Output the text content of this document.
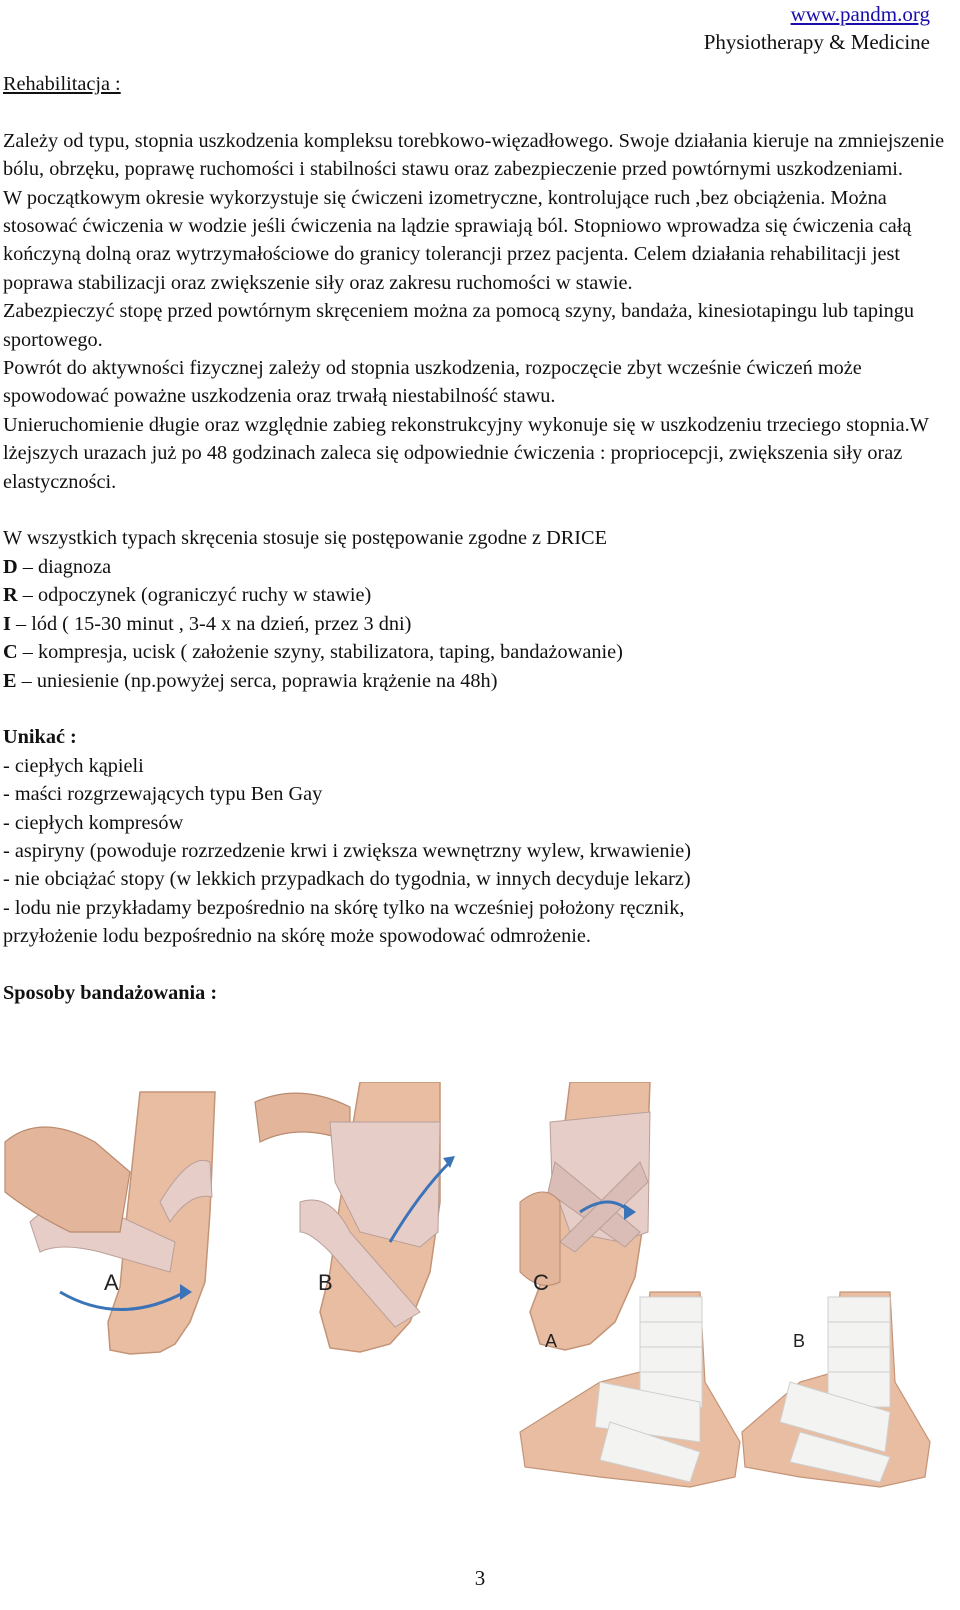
www.pandm.org
Physiotherapy & Medicine

Rehabilitacja :

Zależy od typu, stopnia uszkodzenia kompleksu torebkowo-więzadłowego. Swoje działania kieruje na zmniejszenie bólu, obrzęku, poprawę ruchomości i stabilności stawu oraz zabezpieczenie przed powtórnymi uszkodzeniami.

W początkowym okresie wykorzystuje się ćwiczeni izometryczne, kontrolujące ruch ,bez obciążenia. Można stosować ćwiczenia w wodzie jeśli ćwiczenia na lądzie sprawiają ból. Stopniowo wprowadza się ćwiczenia całą kończyną dolną oraz wytrzymałościowe do granicy tolerancji przez pacjenta. Celem działania rehabilitacji jest poprawa stabilizacji oraz zwiększenie siły oraz zakresu ruchomości w stawie.

Zabezpieczyć stopę przed powtórnym skręceniem można za pomocą szyny, bandaża, kinesiotapingu lub tapingu sportowego.

Powrót do aktywności fizycznej zależy od stopnia uszkodzenia, rozpoczęcie zbyt wcześnie ćwiczeń może spowodować poważne uszkodzenia oraz trwałą niestabilność stawu.

Unieruchomienie długie oraz względnie zabieg rekonstrukcyjny wykonuje się w uszkodzeniu trzeciego stopnia.W lżejszych urazach już po 48 godzinach zaleca się odpowiednie ćwiczenia : propriocepcji, zwiększenia siły oraz elastyczności.

W wszystkich typach skręcenia stosuje się postępowanie zgodne z DRICE

D – diagnoza

R – odpoczynek (ograniczyć ruchy w stawie)

I – lód ( 15-30 minut , 3-4 x na dzień, przez 3 dni)

C – kompresja, ucisk ( założenie szyny, stabilizatora, taping, bandażowanie)

E – uniesienie (np.powyżej serca, poprawia krążenie na 48h)

Unikać :

- ciepłych kąpieli

- maści rozgrzewających typu Ben Gay

- ciepłych kompresów

- aspiryny (powoduje rozrzedzenie krwi i zwiększa wewnętrzny wylew, krwawienie)

- nie obciążać stopy (w lekkich przypadkach do tygodnia, w innych decyduje lekarz)

- lodu nie przykładamy bezpośrednio na skórę tylko na wcześniej położony ręcznik,

przyłożenie lodu bezpośrednio na skórę może spowodować odmrożenie.

Sposoby bandażowania :

A	B	C
A	B
3
